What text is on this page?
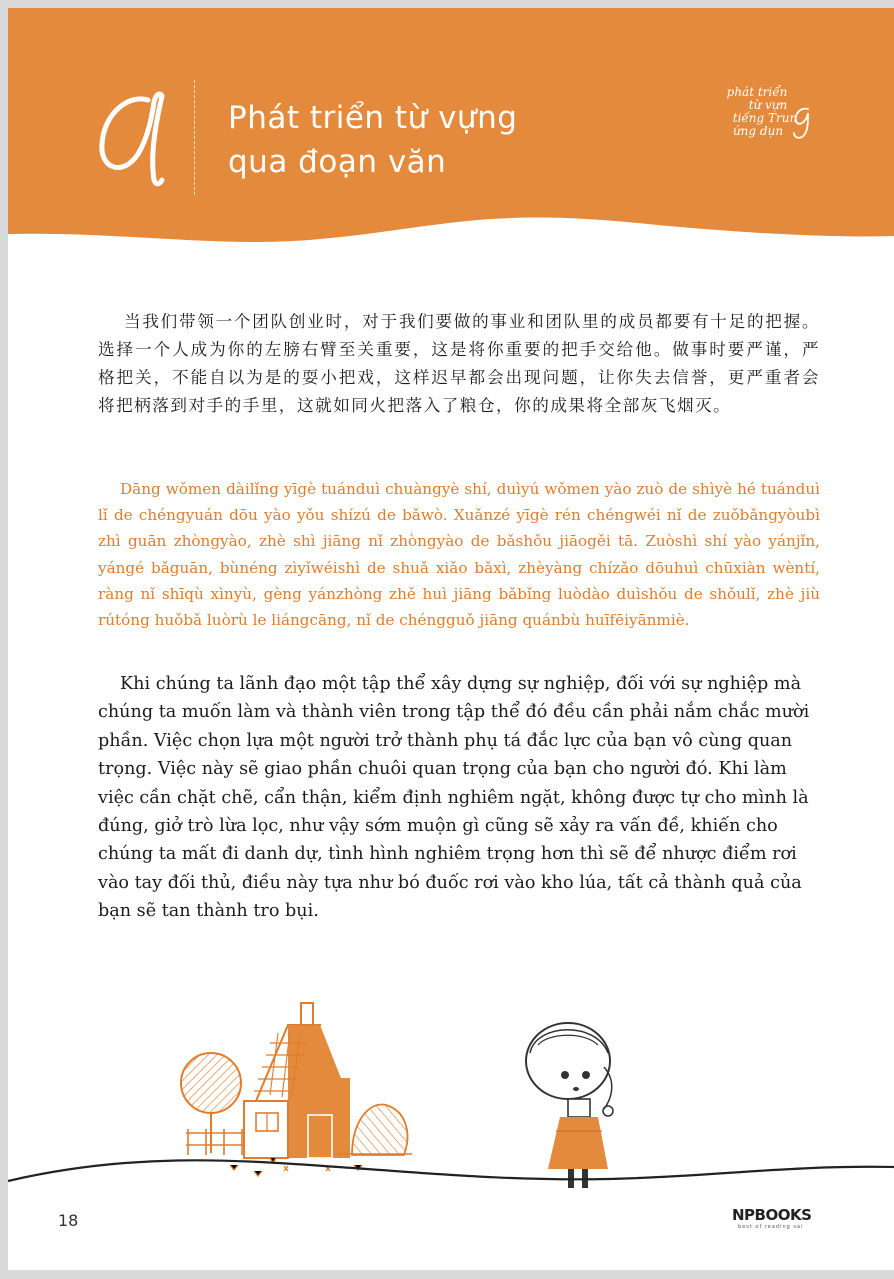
Phát triển từ vựng
qua đoạn văn
phát triển
từ vựn
tiếng Trun
ứng dụn

当我们带领一个团队创业时，对于我们要做的事业和团队里的成员都要有十足的把握。选择一个人成为你的左膀右臂至关重要，这是将你重要的把手交给他。做事时要严谨，严格把关，不能自以为是的耍小把戏，这样迟早都会出现问题，让你失去信誉，更严重者会将把柄落到对手的手里，这就如同火把落入了粮仓，你的成果将全部灰飞烟灭。

Dāng wǒmen dàilǐng yīgè tuánduì chuàngyè shí, duìyú wǒmen yào zuò de shìyè hé tuánduì lǐ de chéngyuán dōu yào yǒu shízú de bǎwò. Xuǎnzé yīgè rén chéngwéi nǐ de zuǒbǎngyòubì zhì guān zhòngyào, zhè shì jiāng nǐ zhòngyào de bǎshǒu jiāogěi tā. Zuòshì shí yào yánjǐn, yángé bǎguān, bùnéng zìyǐwéishì de shuǎ xiǎo bǎxì, zhèyàng chízǎo dōuhuì chūxiàn wèntí, ràng nǐ shīqù xìnyù, gèng yánzhòng zhě huì jiāng bǎbǐng luòdào duìshǒu de shǒulǐ, zhè jiù rútóng huǒbǎ luòrù le liángcāng, nǐ de chéngguǒ jiāng quánbù huīfēiyānmiè.

Khi chúng ta lãnh đạo một tập thể xây dựng sự nghiệp, đối với sự nghiệp mà chúng ta muốn làm và thành viên trong tập thể đó đều cần phải nắm chắc mười phần. Việc chọn lựa một người trở thành phụ tá đắc lực của bạn vô cùng quan trọng. Việc này sẽ giao phần chuôi quan trọng của bạn cho người đó. Khi làm việc cần chặt chẽ, cẩn thận, kiểm định nghiêm ngặt, không được tự cho mình là đúng, giở trò lừa lọc, như vậy sớm muộn gì cũng sẽ xảy ra vấn đề, khiến cho chúng ta mất đi danh dự, tình hình nghiêm trọng hơn thì sẽ để nhược điểm rơi vào tay đối thủ, điều này tựa như bó đuốc rơi vào kho lúa, tất cả thành quả của bạn sẽ tan thành tro bụi.

18	NPBOOKS
best of reading sai
